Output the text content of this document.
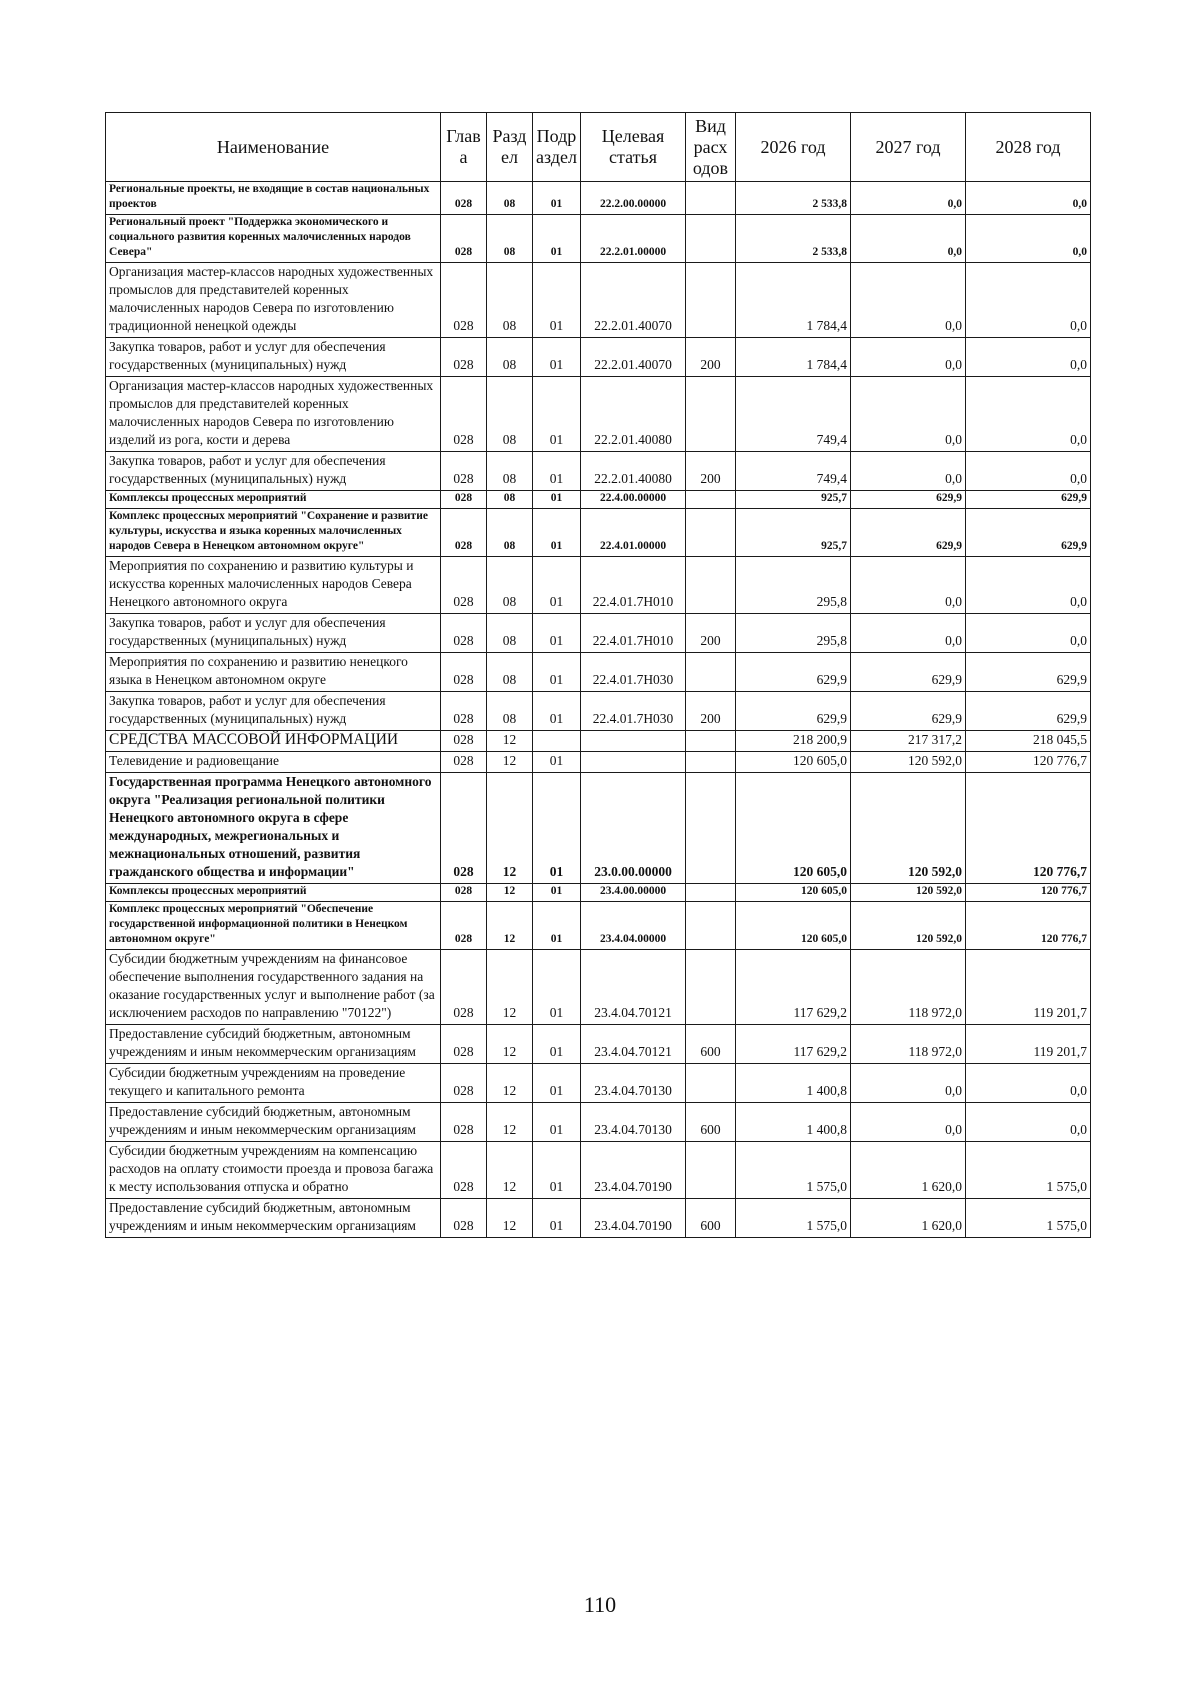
Наименование	Глав а	Разд ел	Подр аздел	Целевая статья	Вид расх одов	2026 год	2027 год	2028 год
Региональные проекты, не входящие в состав национальных проектов	028	08	01	22.2.00.00000		2 533,8	0,0	0,0
Региональный проект "Поддержка экономического и социального развития коренных малочисленных народов Севера"	028	08	01	22.2.01.00000		2 533,8	0,0	0,0
Организация мастер-классов народных художественных промыслов для представителей коренных малочисленных народов Севера по изготовлению традиционной ненецкой одежды	028	08	01	22.2.01.40070		1 784,4	0,0	0,0
Закупка товаров, работ и услуг для обеспечения государственных (муниципальных) нужд	028	08	01	22.2.01.40070	200	1 784,4	0,0	0,0
Организация мастер-классов народных художественных промыслов для представителей коренных малочисленных народов Севера по изготовлению изделий из рога, кости и дерева	028	08	01	22.2.01.40080		749,4	0,0	0,0
Закупка товаров, работ и услуг для обеспечения государственных (муниципальных) нужд	028	08	01	22.2.01.40080	200	749,4	0,0	0,0
Комплексы процессных мероприятий	028	08	01	22.4.00.00000		925,7	629,9	629,9
Комплекс процессных мероприятий "Сохранение и развитие культуры, искусства и языка коренных малочисленных народов Севера в Ненецком автономном округе"	028	08	01	22.4.01.00000		925,7	629,9	629,9
Мероприятия по сохранению и развитию культуры и искусства коренных малочисленных народов Севера Ненецкого автономного округа	028	08	01	22.4.01.7Н010		295,8	0,0	0,0
Закупка товаров, работ и услуг для обеспечения государственных (муниципальных) нужд	028	08	01	22.4.01.7Н010	200	295,8	0,0	0,0
Мероприятия по сохранению и развитию ненецкого языка в Ненецком автономном округе	028	08	01	22.4.01.7Н030		629,9	629,9	629,9
Закупка товаров, работ и услуг для обеспечения государственных (муниципальных) нужд	028	08	01	22.4.01.7Н030	200	629,9	629,9	629,9
СРЕДСТВА МАССОВОЙ ИНФОРМАЦИИ	028	12				218 200,9	217 317,2	218 045,5
Телевидение и радиовещание	028	12	01			120 605,0	120 592,0	120 776,7
Государственная программа Ненецкого автономного округа "Реализация региональной политики Ненецкого автономного округа в сфере международных, межрегиональных и межнациональных отношений, развития гражданского общества и информации"	028	12	01	23.0.00.00000		120 605,0	120 592,0	120 776,7
Комплексы процессных мероприятий	028	12	01	23.4.00.00000		120 605,0	120 592,0	120 776,7
Комплекс процессных мероприятий "Обеспечение государственной информационной политики в Ненецком автономном округе"	028	12	01	23.4.04.00000		120 605,0	120 592,0	120 776,7
Субсидии бюджетным учреждениям на финансовое обеспечение выполнения государственного задания на оказание государственных услуг и выполнение работ (за исключением расходов по направлению "70122")	028	12	01	23.4.04.70121		117 629,2	118 972,0	119 201,7
Предоставление субсидий бюджетным, автономным учреждениям и иным некоммерческим организациям	028	12	01	23.4.04.70121	600	117 629,2	118 972,0	119 201,7
Субсидии бюджетным учреждениям на проведение текущего и капитального ремонта	028	12	01	23.4.04.70130		1 400,8	0,0	0,0
Предоставление субсидий бюджетным, автономным учреждениям и иным некоммерческим организациям	028	12	01	23.4.04.70130	600	1 400,8	0,0	0,0
Субсидии бюджетным учреждениям на компенсацию расходов на оплату стоимости проезда и провоза багажа к месту использования отпуска и обратно	028	12	01	23.4.04.70190		1 575,0	1 620,0	1 575,0
Предоставление субсидий бюджетным, автономным учреждениям и иным некоммерческим организациям	028	12	01	23.4.04.70190	600	1 575,0	1 620,0	1 575,0
110
